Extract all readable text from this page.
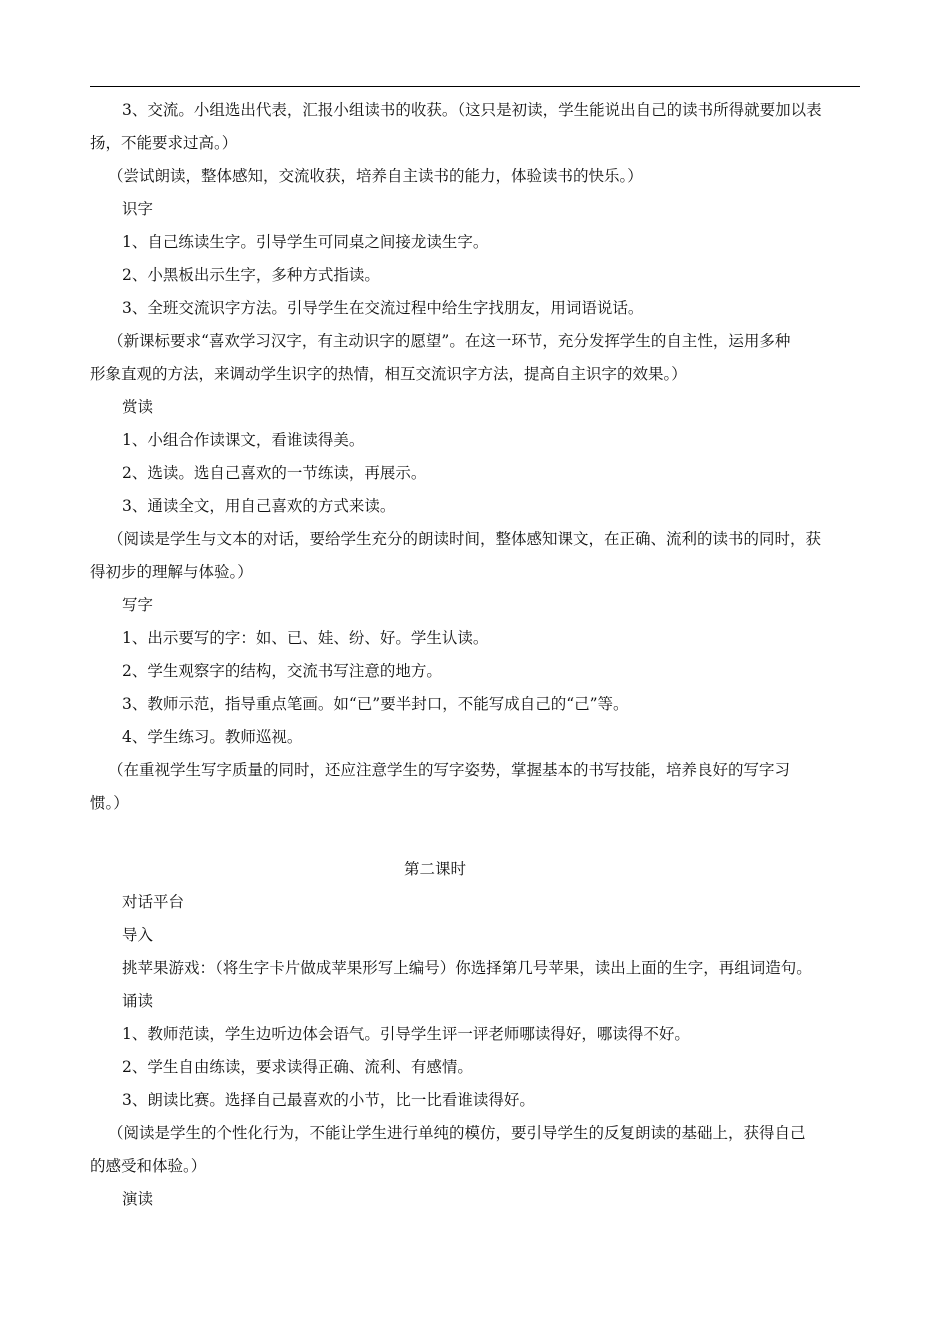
3、交流。小组选出代表，汇报小组读书的收获。（这只是初读，学生能说出自己的读书所得就要加以表
扬，不能要求过高。）
（尝试朗读，整体感知，交流收获，培养自主读书的能力，体验读书的快乐。）
识字
1、自己练读生字。引导学生可同桌之间接龙读生字。
2、小黑板出示生字，多种方式指读。
3、全班交流识字方法。引导学生在交流过程中给生字找朋友，用词语说话。
（新课标要求“喜欢学习汉字，有主动识字的愿望”。在这一环节，充分发挥学生的自主性，运用多种
形象直观的方法，来调动学生识字的热情，相互交流识字方法，提高自主识字的效果。）
赏读
1、小组合作读课文，看谁读得美。
2、选读。选自己喜欢的一节练读，再展示。
3、通读全文，用自己喜欢的方式来读。
（阅读是学生与文本的对话，要给学生充分的朗读时间，整体感知课文，在正确、流利的读书的同时，获
得初步的理解与体验。）
写字
1、出示要写的字：如、已、娃、纷、好。学生认读。
2、学生观察字的结构，交流书写注意的地方。
3、教师示范，指导重点笔画。如“已”要半封口，不能写成自己的“己”等。
4、学生练习。教师巡视。
（在重视学生写字质量的同时，还应注意学生的写字姿势，掌握基本的书写技能，培养良好的写字习
惯。）
第二课时
对话平台
导入
挑苹果游戏：（将生字卡片做成苹果形写上编号）你选择第几号苹果，读出上面的生字，再组词造句。
诵读
1、教师范读，学生边听边体会语气。引导学生评一评老师哪读得好，哪读得不好。
2、学生自由练读，要求读得正确、流利、有感情。
3、朗读比赛。选择自己最喜欢的小节，比一比看谁读得好。
（阅读是学生的个性化行为，不能让学生进行单纯的模仿，要引导学生的反复朗读的基础上，获得自己
的感受和体验。）
演读
